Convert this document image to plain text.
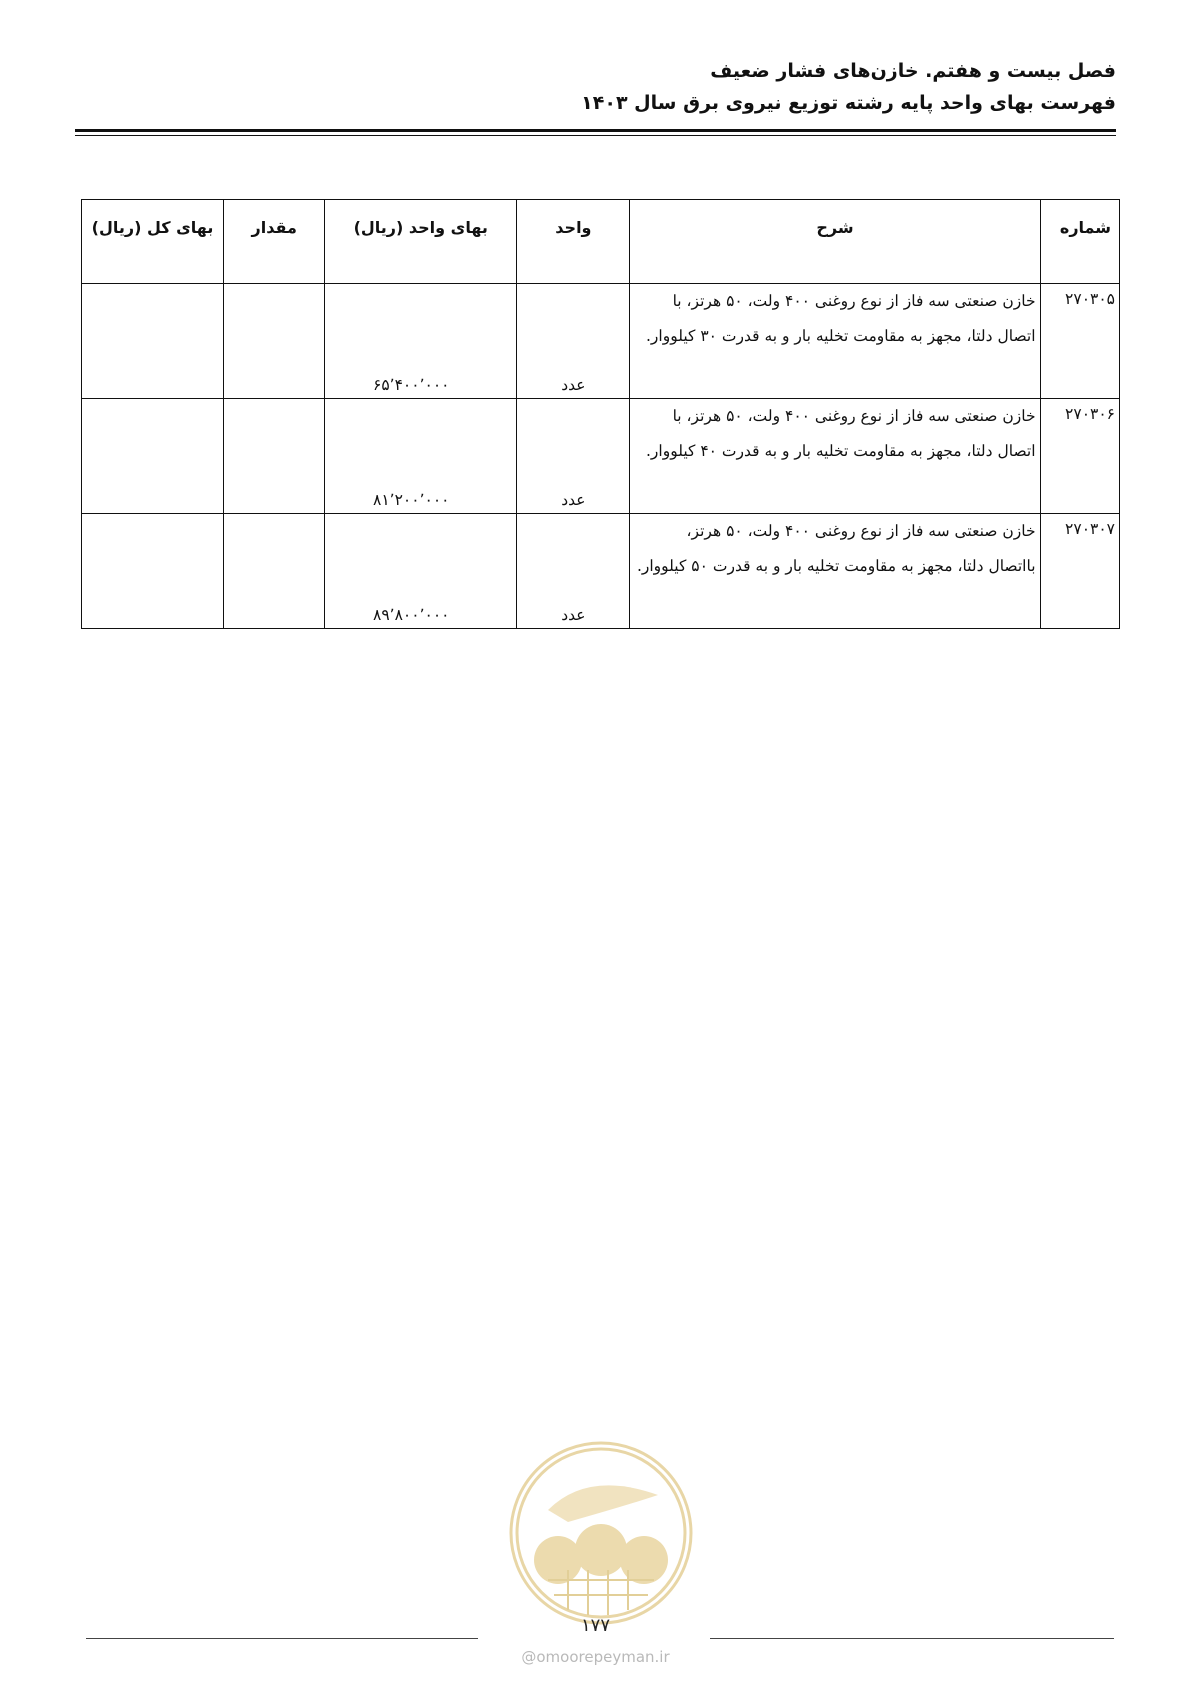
فصل بیست و هفتم. خازن‌های فشار ضعیف
فهرست بهای واحد پایه رشته توزیع نیروی برق سال ۱۴۰۳
شماره	شرح	واحد	بهای واحد (ریال)	مقدار	بهای کل (ریال)
۲۷۰۳۰۵	خازن صنعتی سه فاز از نوع روغنی ۴۰۰ ولت، ۵۰ هرتز، با اتصال دلتا، مجهز به مقاومت تخلیه بار و به قدرت ۳۰ کیلووار.	عدد	۶۵٬۴۰۰٬۰۰۰		
۲۷۰۳۰۶	خازن صنعتی سه فاز از نوع روغنی ۴۰۰ ولت، ۵۰ هرتز، با اتصال دلتا، مجهز به مقاومت تخلیه بار و به قدرت ۴۰ کیلووار.	عدد	۸۱٬۲۰۰٬۰۰۰		
۲۷۰۳۰۷	خازن صنعتی سه فاز از نوع روغنی ۴۰۰ ولت، ۵۰ هرتز، بااتصال دلتا، مجهز به مقاومت تخلیه بار و به قدرت ۵۰ کیلووار.	عدد	۸۹٬۸۰۰٬۰۰۰		
۱۷۷
@omoorepeyman.ir
